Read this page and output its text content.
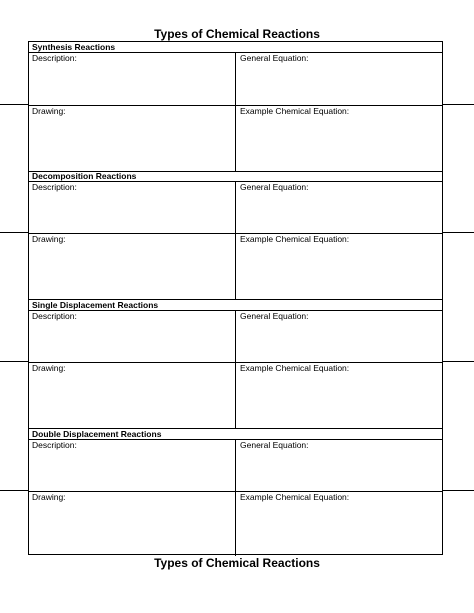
Types of Chemical Reactions
Synthesis Reactions
Description:	General Equation:
Drawing:	Example Chemical Equation:
Decomposition Reactions
Description:	General Equation:
Drawing:	Example Chemical Equation:
Single Displacement Reactions
Description:	General Equation:
Drawing:	Example Chemical Equation:
Double Displacement Reactions
Description:	General Equation:
Drawing:	Example Chemical Equation:
Types of Chemical Reactions
